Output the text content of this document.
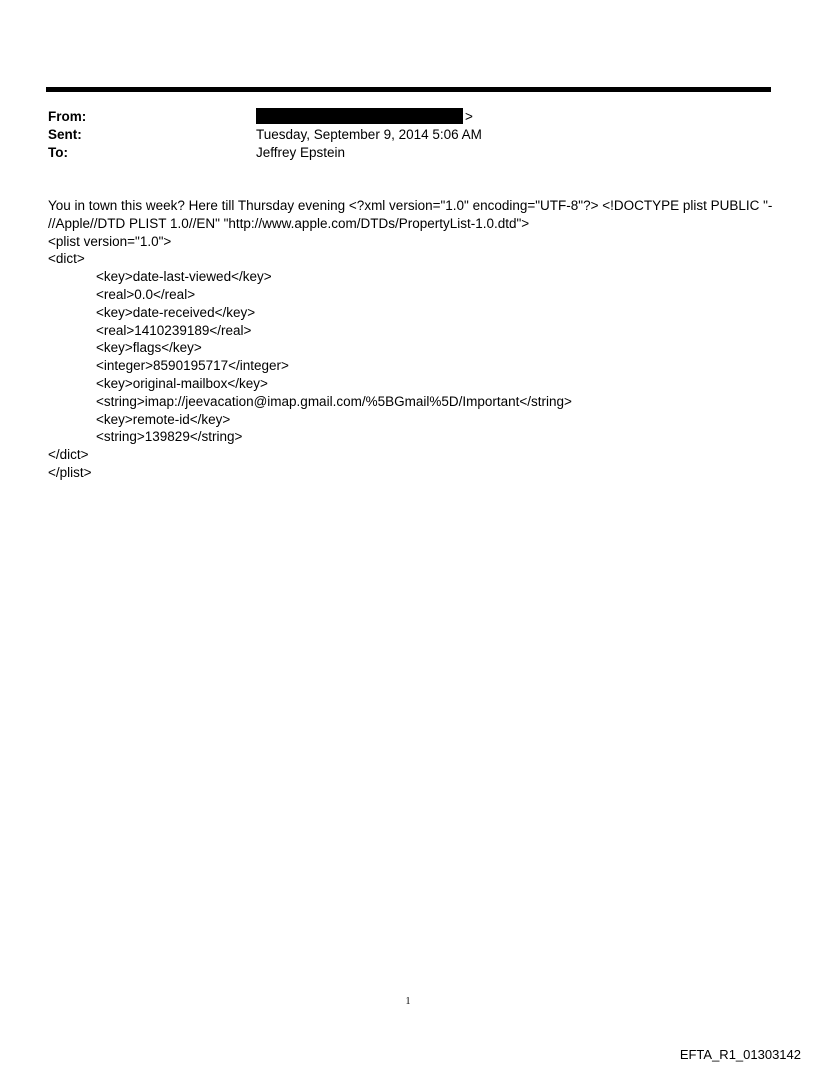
From:	>
Sent:	Tuesday, September 9, 2014 5:06 AM
To:	Jeffrey Epstein

You in town this week? Here till Thursday evening <?xml version="1.0" encoding="UTF-8"?> <!DOCTYPE plist PUBLIC "-

//Apple//DTD PLIST 1.0//EN" "http://www.apple.com/DTDs/PropertyList-1.0.dtd">

<plist version="1.0">

<dict>

<key>date-last-viewed</key>

<real>0.0</real>

<key>date-received</key>

<real>1410239189</real>

<key>flags</key>

<integer>8590195717</integer>

<key>original-mailbox</key>

<string>imap://jeevacation@imap.gmail.com/%5BGmail%5D/Important</string>

<key>remote-id</key>

<string>139829</string>

</dict>

</plist>

1
EFTA_R1_01303142
